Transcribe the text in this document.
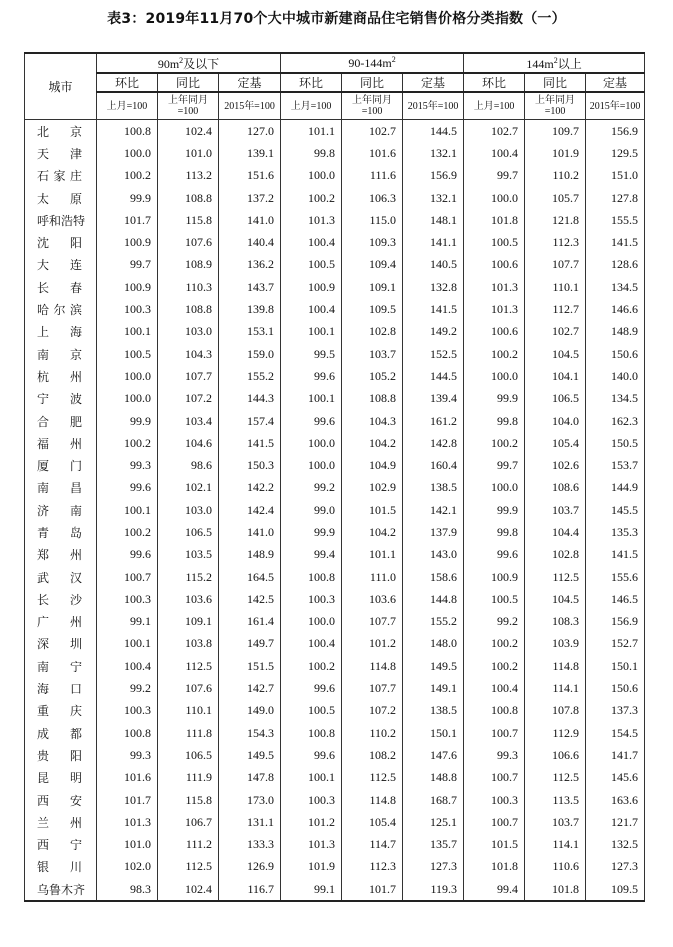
表3：2019年11月70个大中城市新建商品住宅销售价格分类指数（一）
城市	$90m^2$及以下			$90-144m^2$			$144m^2$以上		
	环比	同比	定基	环比	同比	定基	环比	同比	定基
	上月=100	上年同月=100	2015年=100	上月=100	上年同月=100	2015年=100	上月=100	上年同月=100	2015年=100
北京	100.8	102.4	127.0	101.1	102.7	144.5	102.7	109.7	156.9
天津	100.0	101.0	139.1	99.8	101.6	132.1	100.4	101.9	129.5
石家庄	100.2	113.2	151.6	100.0	111.6	156.9	99.7	110.2	151.0
太原	99.9	108.8	137.2	100.2	106.3	132.1	100.0	105.7	127.8
呼和浩特	101.7	115.8	141.0	101.3	115.0	148.1	101.8	121.8	155.5
沈阳	100.9	107.6	140.4	100.4	109.3	141.1	100.5	112.3	141.5
大连	99.7	108.9	136.2	100.5	109.4	140.5	100.6	107.7	128.6
长春	100.9	110.3	143.7	100.9	109.1	132.8	101.3	110.1	134.5
哈尔滨	100.3	108.8	139.8	100.4	109.5	141.5	101.3	112.7	146.6
上海	100.1	103.0	153.1	100.1	102.8	149.2	100.6	102.7	148.9
南京	100.5	104.3	159.0	99.5	103.7	152.5	100.2	104.5	150.6
杭州	100.0	107.7	155.2	99.6	105.2	144.5	100.0	104.1	140.0
宁波	100.0	107.2	144.3	100.1	108.8	139.4	99.9	106.5	134.5
合肥	99.9	103.4	157.4	99.6	104.3	161.2	99.8	104.0	162.3
福州	100.2	104.6	141.5	100.0	104.2	142.8	100.2	105.4	150.5
厦门	99.3	98.6	150.3	100.0	104.9	160.4	99.7	102.6	153.7
南昌	99.6	102.1	142.2	99.2	102.9	138.5	100.0	108.6	144.9
济南	100.1	103.0	142.4	99.0	101.5	142.1	99.9	103.7	145.5
青岛	100.2	106.5	141.0	99.9	104.2	137.9	99.8	104.4	135.3
郑州	99.6	103.5	148.9	99.4	101.1	143.0	99.6	102.8	141.5
武汉	100.7	115.2	164.5	100.8	111.0	158.6	100.9	112.5	155.6
长沙	100.3	103.6	142.5	100.3	103.6	144.8	100.5	104.5	146.5
广州	99.1	109.1	161.4	100.0	107.7	155.2	99.2	108.3	156.9
深圳	100.1	103.8	149.7	100.4	101.2	148.0	100.2	103.9	152.7
南宁	100.4	112.5	151.5	100.2	114.8	149.5	100.2	114.8	150.1
海口	99.2	107.6	142.7	99.6	107.7	149.1	100.4	114.1	150.6
重庆	100.3	110.1	149.0	100.5	107.2	138.5	100.8	107.8	137.3
成都	100.8	111.8	154.3	100.8	110.2	150.1	100.7	112.9	154.5
贵阳	99.3	106.5	149.5	99.6	108.2	147.6	99.3	106.6	141.7
昆明	101.6	111.9	147.8	100.1	112.5	148.8	100.7	112.5	145.6
西安	101.7	115.8	173.0	100.3	114.8	168.7	100.3	113.5	163.6
兰州	101.3	106.7	131.1	101.2	105.4	125.1	100.7	103.7	121.7
西宁	101.0	111.2	133.3	101.3	114.7	135.7	101.5	114.1	132.5
银川	102.0	112.5	126.9	101.9	112.3	127.3	101.8	110.6	127.3
乌鲁木齐	98.3	102.4	116.7	99.1	101.7	119.3	99.4	101.8	109.5
